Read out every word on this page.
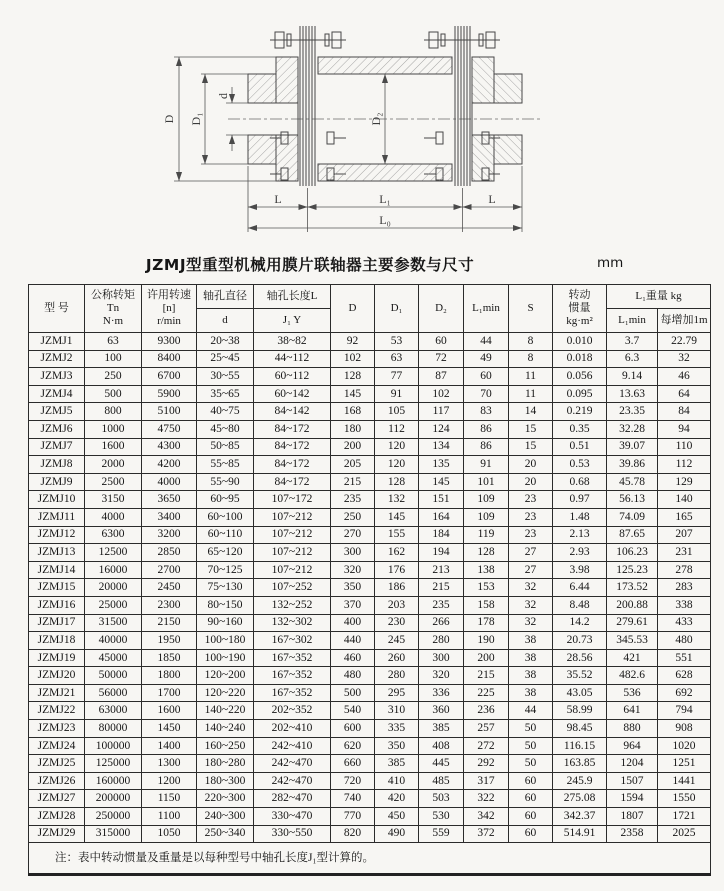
D D₁
d
D₂
L	L₁	L
L₀
JZMJ型重型机械用膜片联轴器主要参数与尺寸	mm
型 号	公称转矩
Tn
N·m	许用转速
[n]
r/min	轴孔直径	轴孔长度L	D	D₁	D₂	L₁min	S	转动
惯量
kg·m²	L₁重量 kg	
			d	J₁ Y							L₁min	每增加1m
JZMJ1	63	9300	20~38	38~82	92	53	60	44	8	0.010	3.7	22.79
JZMJ2	100	8400	25~45	44~112	102	63	72	49	8	0.018	6.3	32
JZMJ3	250	6700	30~55	60~112	128	77	87	60	11	0.056	9.14	46
JZMJ4	500	5900	35~65	60~142	145	91	102	70	11	0.095	13.63	64
JZMJ5	800	5100	40~75	84~142	168	105	117	83	14	0.219	23.35	84
JZMJ6	1000	4750	45~80	84~172	180	112	124	86	15	0.35	32.28	94
JZMJ7	1600	4300	50~85	84~172	200	120	134	86	15	0.51	39.07	110
JZMJ8	2000	4200	55~85	84~172	205	120	135	91	20	0.53	39.86	112
JZMJ9	2500	4000	55~90	84~172	215	128	145	101	20	0.68	45.78	129
JZMJ10	3150	3650	60~95	107~172	235	132	151	109	23	0.97	56.13	140
JZMJ11	4000	3400	60~100	107~212	250	145	164	109	23	1.48	74.09	165
JZMJ12	6300	3200	60~110	107~212	270	155	184	119	23	2.13	87.65	207
JZMJ13	12500	2850	65~120	107~212	300	162	194	128	27	2.93	106.23	231
JZMJ14	16000	2700	70~125	107~212	320	176	213	138	27	3.98	125.23	278
JZMJ15	20000	2450	75~130	107~252	350	186	215	153	32	6.44	173.52	283
JZMJ16	25000	2300	80~150	132~252	370	203	235	158	32	8.48	200.88	338
JZMJ17	31500	2150	90~160	132~302	400	230	266	178	32	14.2	279.61	433
JZMJ18	40000	1950	100~180	167~302	440	245	280	190	38	20.73	345.53	480
JZMJ19	45000	1850	100~190	167~352	460	260	300	200	38	28.56	421	551
JZMJ20	50000	1800	120~200	167~352	480	280	320	215	38	35.52	482.6	628
JZMJ21	56000	1700	120~220	167~352	500	295	336	225	38	43.05	536	692
JZMJ22	63000	1600	140~220	202~352	540	310	360	236	44	58.99	641	794
JZMJ23	80000	1450	140~240	202~410	600	335	385	257	50	98.45	880	908
JZMJ24	100000	1400	160~250	242~410	620	350	408	272	50	116.15	964	1020
JZMJ25	125000	1300	180~280	242~470	660	385	445	292	50	163.85	1204	1251
JZMJ26	160000	1200	180~300	242~470	720	410	485	317	60	245.9	1507	1441
JZMJ27	200000	1150	220~300	282~470	740	420	503	322	60	275.08	1594	1550
JZMJ28	250000	1100	240~300	330~470	770	450	530	342	60	342.37	1807	1721
JZMJ29	315000	1050	250~340	330~550	820	490	559	372	60	514.91	2358	2025
注：表中转动惯量及重量是以每种型号中轴孔长度J₁型计算的。												
